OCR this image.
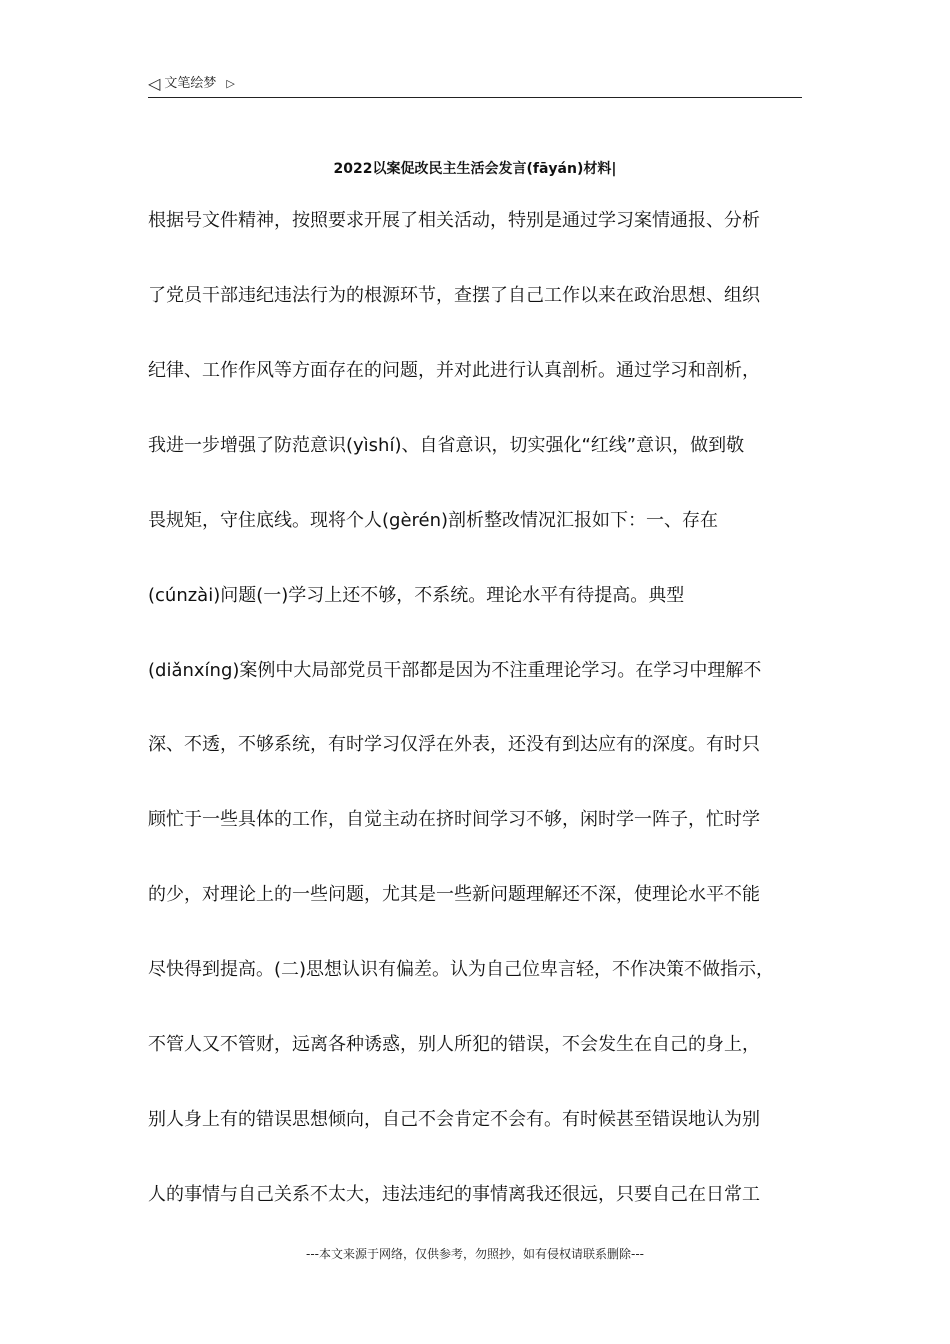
◁ 文笔绘梦 ▷
2022以案促改民主生活会发言(fāyán)材料|
根据号文件精神，按照要求开展了相关活动，特别是通过学习案情通报、分析
了党员干部违纪违法行为的根源环节，查摆了自己工作以来在政治思想、组织
纪律、工作作风等方面存在的问题，并对此进行认真剖析。通过学习和剖析，
我进一步增强了防范意识(yìshí)、自省意识，切实强化“红线”意识，做到敬
畏规矩，守住底线。现将个人(gèrén)剖析整改情况汇报如下：一、存在
(cúnzài)问题(一)学习上还不够，不系统。理论水平有待提高。典型
(diǎnxíng)案例中大局部党员干部都是因为不注重理论学习。在学习中理解不
深、不透，不够系统，有时学习仅浮在外表，还没有到达应有的深度。有时只
顾忙于一些具体的工作，自觉主动在挤时间学习不够，闲时学一阵子，忙时学
的少，对理论上的一些问题，尤其是一些新问题理解还不深，使理论水平不能
尽快得到提高。(二)思想认识有偏差。认为自己位卑言轻，不作决策不做指示，
不管人又不管财，远离各种诱惑，别人所犯的错误，不会发生在自己的身上，
别人身上有的错误思想倾向，自己不会肯定不会有。有时候甚至错误地认为别
人的事情与自己关系不太大，违法违纪的事情离我还很远，只要自己在日常工
---本文来源于网络，仅供参考，勿照抄，如有侵权请联系删除---
